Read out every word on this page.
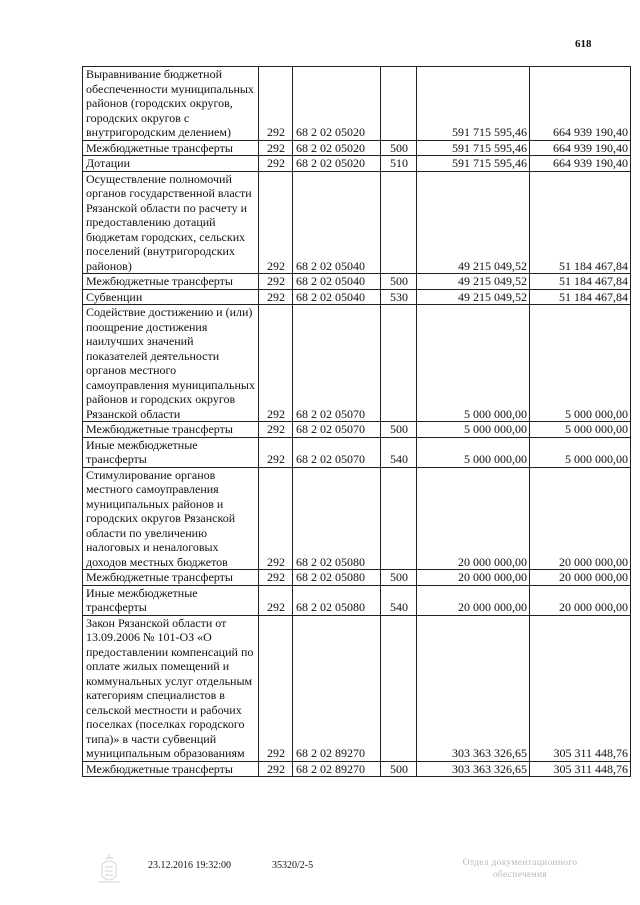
618
Выравнивание бюджетной обеспеченности муниципальных районов (городских округов, городских округов с внутригородским делением)	292	68 2 02 05020		591 715 595,46	664 939 190,40
Межбюджетные трансферты	292	68 2 02 05020	500	591 715 595,46	664 939 190,40
Дотации	292	68 2 02 05020	510	591 715 595,46	664 939 190,40
Осуществление полномочий органов государственной власти Рязанской области по расчету и предоставлению дотаций бюджетам городских, сельских поселений (внутригородских районов)	292	68 2 02 05040		49 215 049,52	51 184 467,84
Межбюджетные трансферты	292	68 2 02 05040	500	49 215 049,52	51 184 467,84
Субвенции	292	68 2 02 05040	530	49 215 049,52	51 184 467,84
Содействие достижению и (или) поощрение достижения наилучших значений показателей деятельности органов местного самоуправления муниципальных районов и городских округов Рязанской области	292	68 2 02 05070		5 000 000,00	5 000 000,00
Межбюджетные трансферты	292	68 2 02 05070	500	5 000 000,00	5 000 000,00
Иные межбюджетные трансферты	292	68 2 02 05070	540	5 000 000,00	5 000 000,00
Стимулирование органов местного самоуправления муниципальных районов и городских округов Рязанской области по увеличению налоговых и неналоговых доходов местных бюджетов	292	68 2 02 05080		20 000 000,00	20 000 000,00
Межбюджетные трансферты	292	68 2 02 05080	500	20 000 000,00	20 000 000,00
Иные межбюджетные трансферты	292	68 2 02 05080	540	20 000 000,00	20 000 000,00
Закон Рязанской области от 13.09.2006 № 101-ОЗ «О предоставлении компенсаций по оплате жилых помещений и коммунальных услуг отдельным категориям специалистов в сельской местности и рабочих поселках (поселках городского типа)» в части субвенций муниципальным образованиям	292	68 2 02 89270		303 363 326,65	305 311 448,76
Межбюджетные трансферты	292	68 2 02 89270	500	303 363 326,65	305 311 448,76
23.12.2016 19:32:00	35320/2-5	Отдел документационного
обеспечения
